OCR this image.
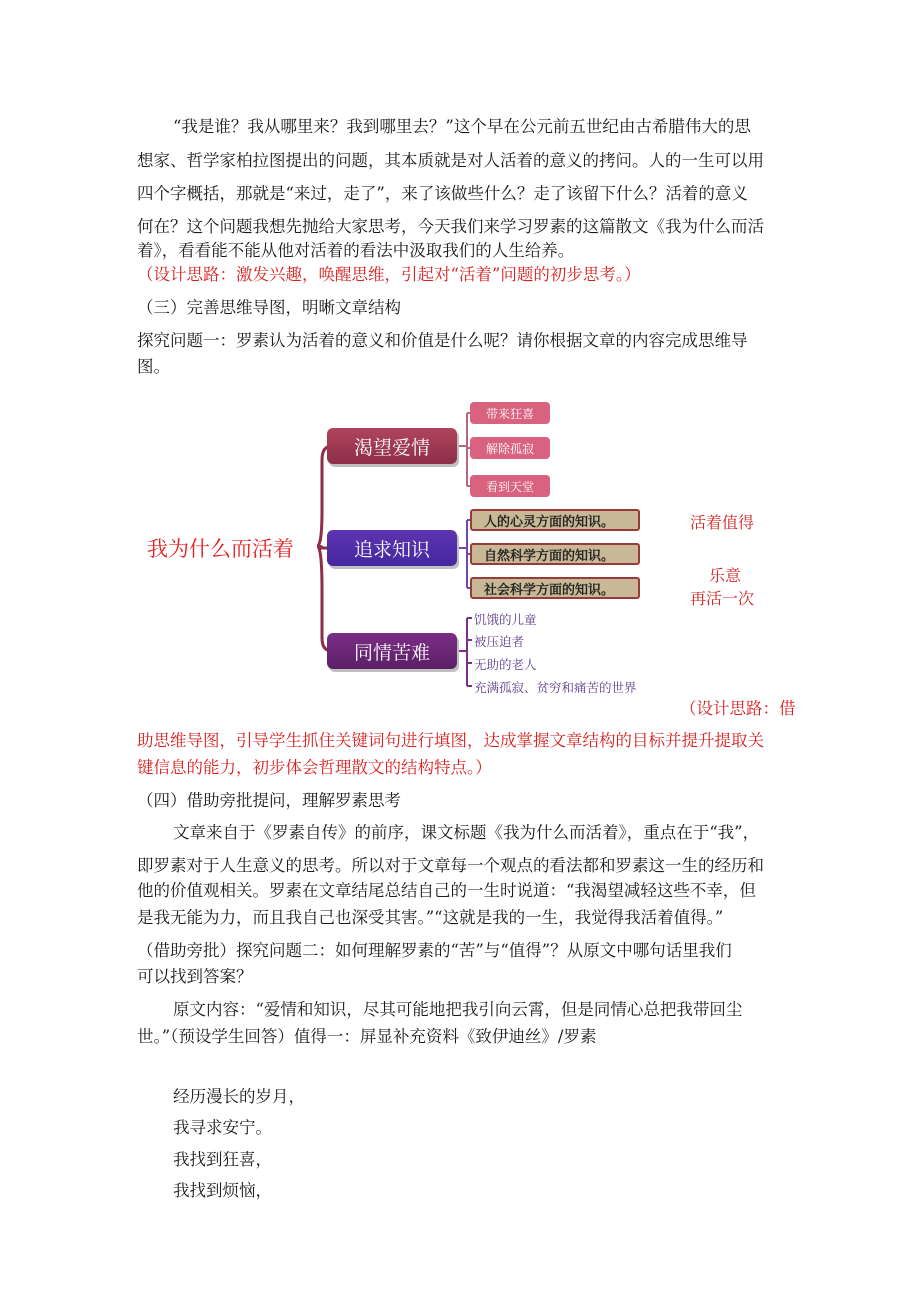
“我是谁？我从哪里来？我到哪里去？”这个早在公元前五世纪由古希腊伟大的思
想家、哲学家柏拉图提出的问题，其本质就是对人活着的意义的拷问。人的一生可以用
四个字概括，那就是“来过，走了”，来了该做些什么？走了该留下什么？活着的意义
何在？这个问题我想先抛给大家思考，今天我们来学习罗素的这篇散文《我为什么而活
着》，看看能不能从他对活着的看法中汲取我们的人生给养。
（设计思路：激发兴趣，唤醒思维，引起对“活着”问题的初步思考。）
（三）完善思维导图，明晰文章结构
探究问题一：罗素认为活着的意义和价值是什么呢？请你根据文章的内容完成思维导
图。
我为什么而活着
渴望爱情
追求知识
同情苦难
带来狂喜
解除孤寂
看到天堂
人的心灵方面的知识。
自然科学方面的知识。
社会科学方面的知识。
饥饿的儿童
被压迫者
无助的老人
充满孤寂、贫穷和痛苦的世界
活着值得
乐意
再活一次
（设计思路：借
助思维导图，引导学生抓住关键词句进行填图，达成掌握文章结构的目标并提升提取关
键信息的能力，初步体会哲理散文的结构特点。）
（四）借助旁批提问，理解罗素思考
文章来自于《罗素自传》的前序，课文标题《我为什么而活着》，重点在于“我”，
即罗素对于人生意义的思考。所以对于文章每一个观点的看法都和罗素这一生的经历和
他的价值观相关。罗素在文章结尾总结自己的一生时说道：“我渴望减轻这些不幸，但
是我无能为力，而且我自己也深受其害。”“这就是我的一生，我觉得我活着值得。”
（借助旁批）探究问题二：如何理解罗素的“苦”与“值得”？从原文中哪句话里我们
可以找到答案？
原文内容：“爱情和知识，尽其可能地把我引向云霄，但是同情心总把我带回尘
世。”（预设学生回答）值得一：屏显补充资料《致伊迪丝》/罗素
经历漫长的岁月，
我寻求安宁。
我找到狂喜，
我找到烦恼，
